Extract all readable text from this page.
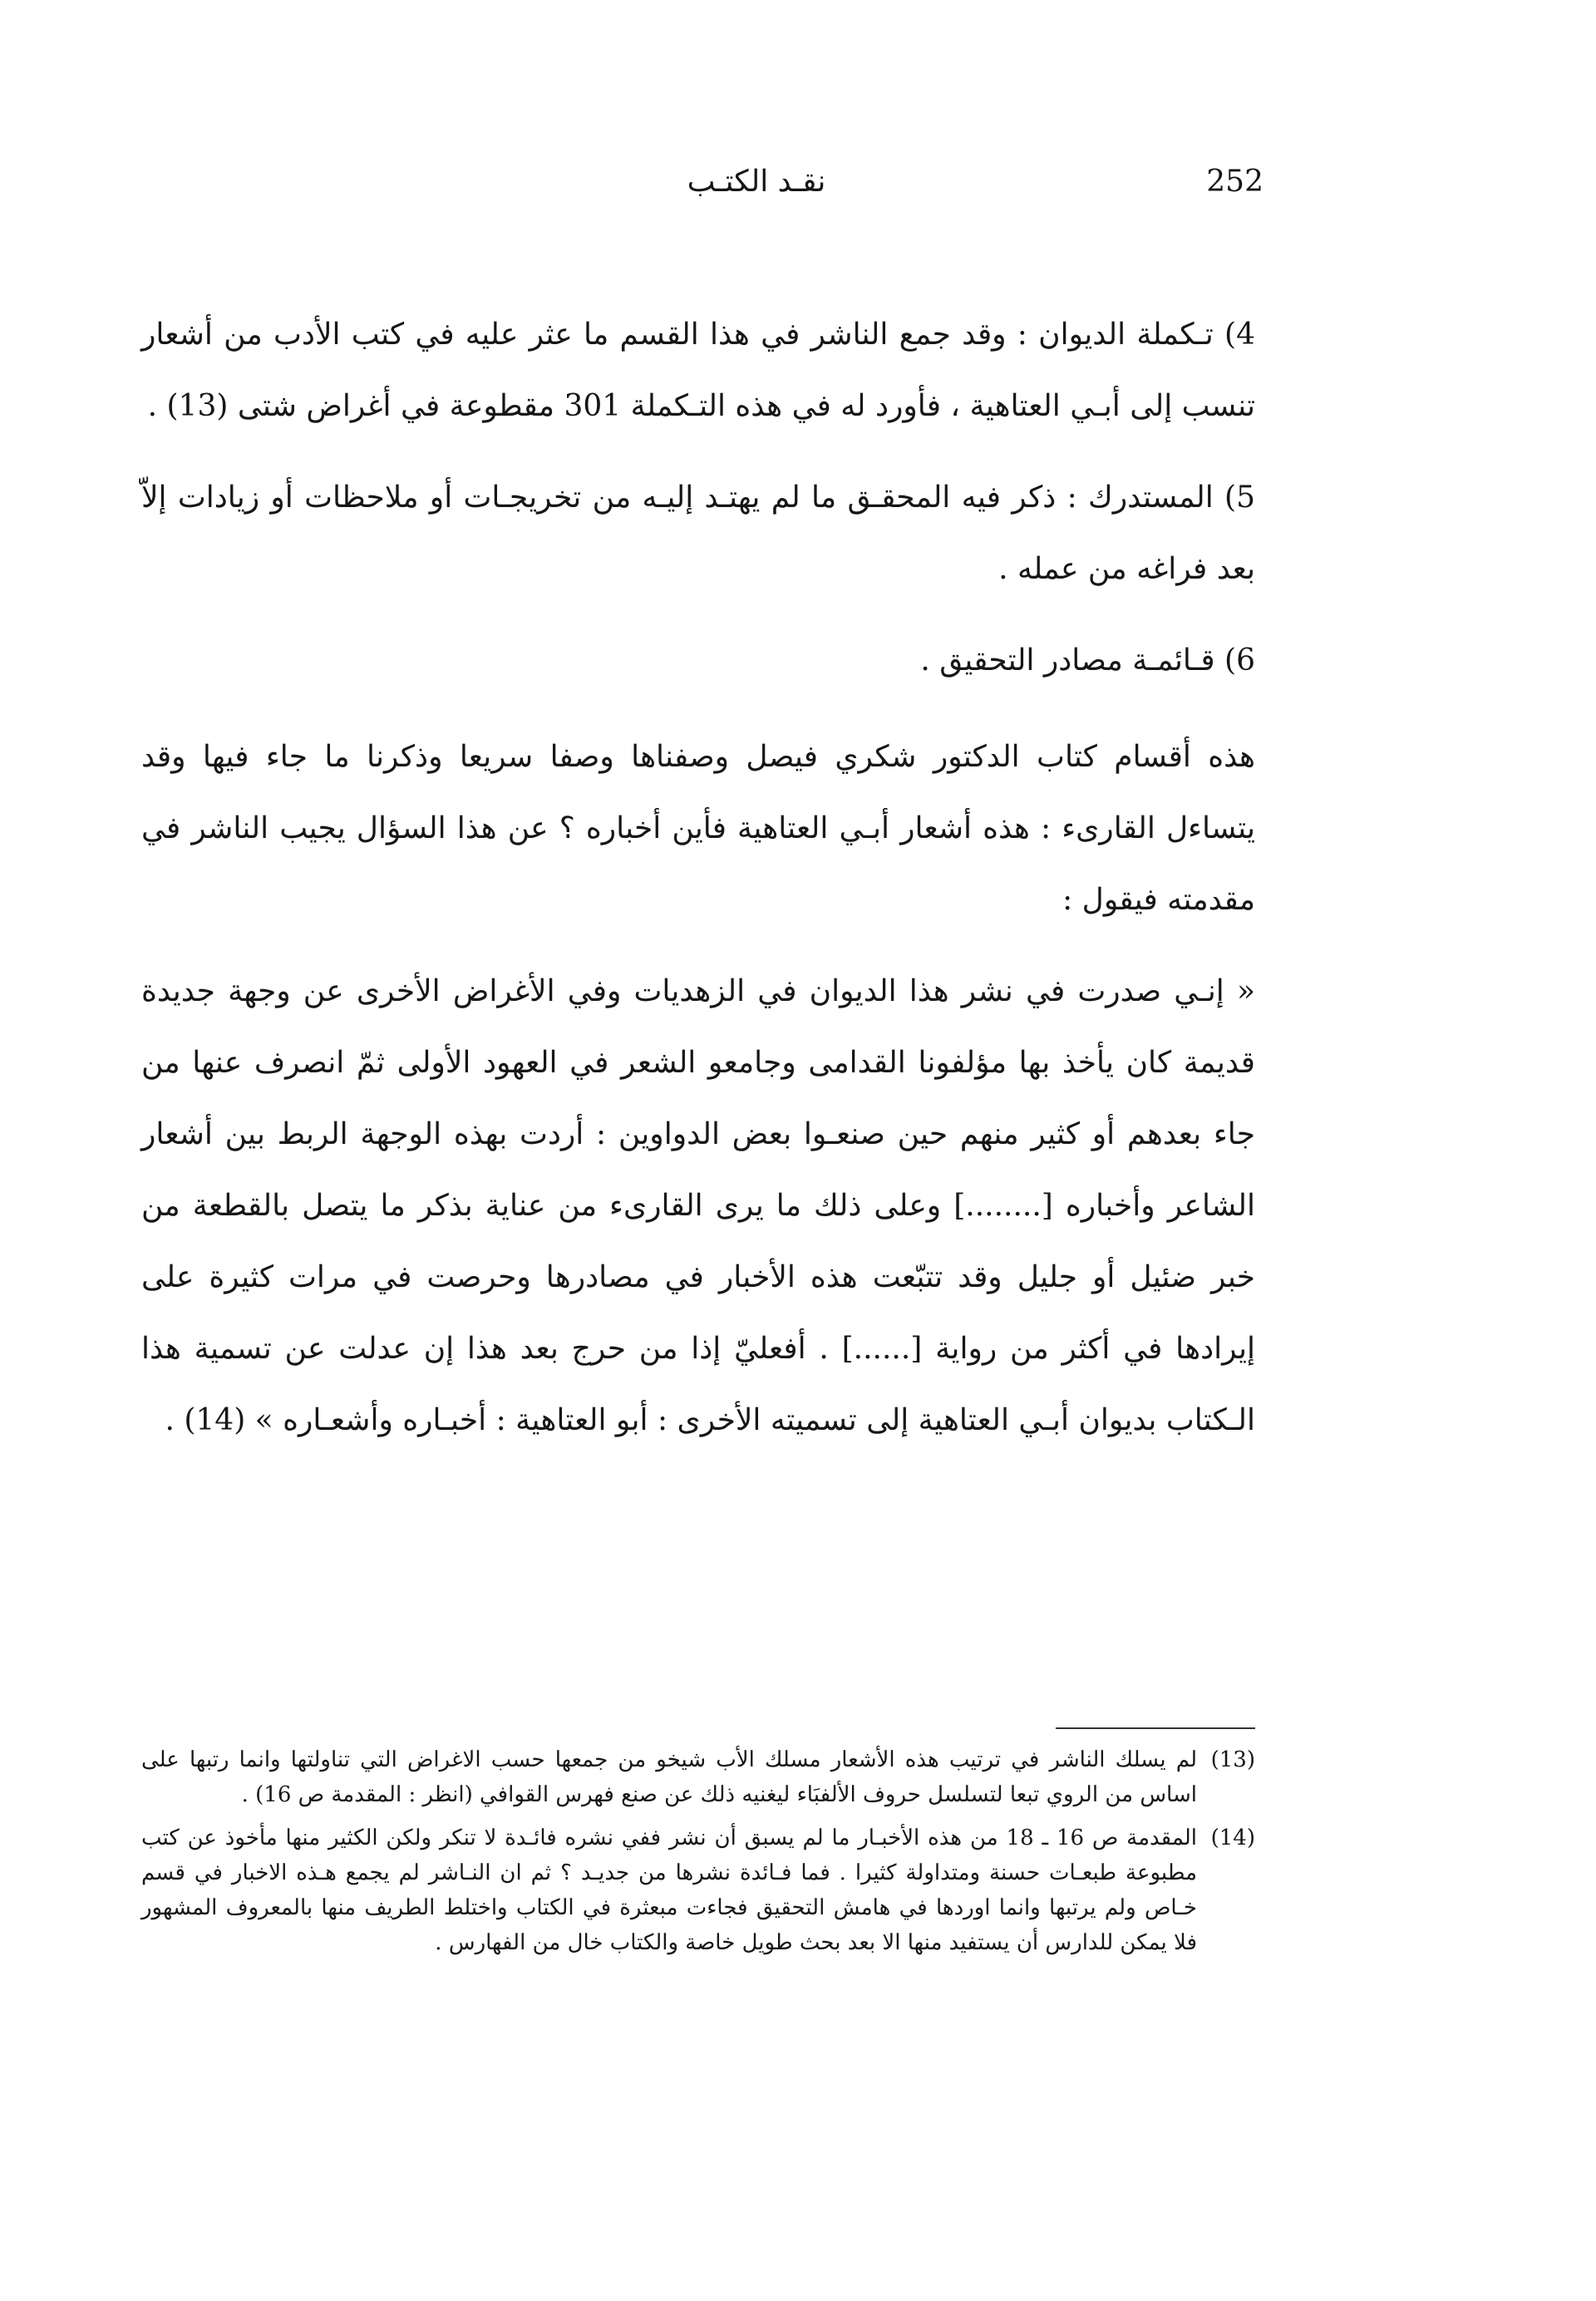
نقـد الكتـب	252

4) تـكملة الديوان : وقد جمع الناشر في هذا القسم ما عثر عليه في كتب الأدب من أشعار تنسب إلى أبـي العتاهية ، فأورد له في هذه التـكملة 301 مقطوعة في أغراض شتى (13) .

5) المستدرك : ذكر فيه المحقـق ما لم يهتـد إليـه من تخريجـات أو ملاحظات أو زيادات إلاّ بعد فراغه من عمله .

6) قـائمـة مصادر التحقيق .

هذه أقسام كتاب الدكتور شكري فيصل وصفناها وصفا سريعا وذكرنا ما جاء فيها وقد يتساءل القارىء : هذه أشعار أبـي العتاهية فأين أخباره ؟ عن هذا السؤال يجيب الناشر في مقدمته فيقول :

« إنـي صدرت في نشر هذا الديوان في الزهديات وفي الأغراض الأخرى عن وجهة جديدة قديمة كان يأخذ بها مؤلفونا القدامى وجامعو الشعر في العهود الأولى ثمّ انصرف عنها من جاء بعدهم أو كثير منهم حين صنعـوا بعض الدواوين : أردت بهذه الوجهة الربط بين أشعار الشاعر وأخباره [........] وعلى ذلك ما يرى القارىء من عناية بذكر ما يتصل بالقطعة من خبر ضئيل أو جليل وقد تتبّعت هذه الأخبار في مصادرها وحرصت في مرات كثيرة على إيرادها في أكثر من رواية [......] . أفعليّ إذا من حرج بعد هذا إن عدلت عن تسمية هذا الـكتاب بديوان أبـي العتاهية إلى تسميته الأخرى : أبو العتاهية : أخبـاره وأشعـاره » (14) .

(13)
لم يسلك الناشر في ترتيب هذه الأشعار مسلك الأب شيخو من جمعها حسب الاغراض التي تناولتها وانما رتبها على اساس من الروي تبعا لتسلسل حروف الألفبَاء ليغنيه ذلك عن صنع فهرس القوافي (انظر : المقدمة ص 16) .
(14)
المقدمة ص 16 ـ 18 من هذه الأخبـار ما لم يسبق أن نشر ففي نشره فائـدة لا تنكر ولكن الكثير منها مأخوذ عن كتب مطبوعة طبعـات حسنة ومتداولة كثيرا . فما فـائدة نشرها من جديـد ؟ ثم ان النـاشر لم يجمع هـذه الاخبار في قسم خـاص ولم يرتبها وانما اوردها في هامش التحقيق فجاءت مبعثرة في الكتاب واختلط الطريف منها بالمعروف المشهور فلا يمكن للدارس أن يستفيد منها الا بعد بحث طويل خاصة والكتاب خال من الفهارس .
